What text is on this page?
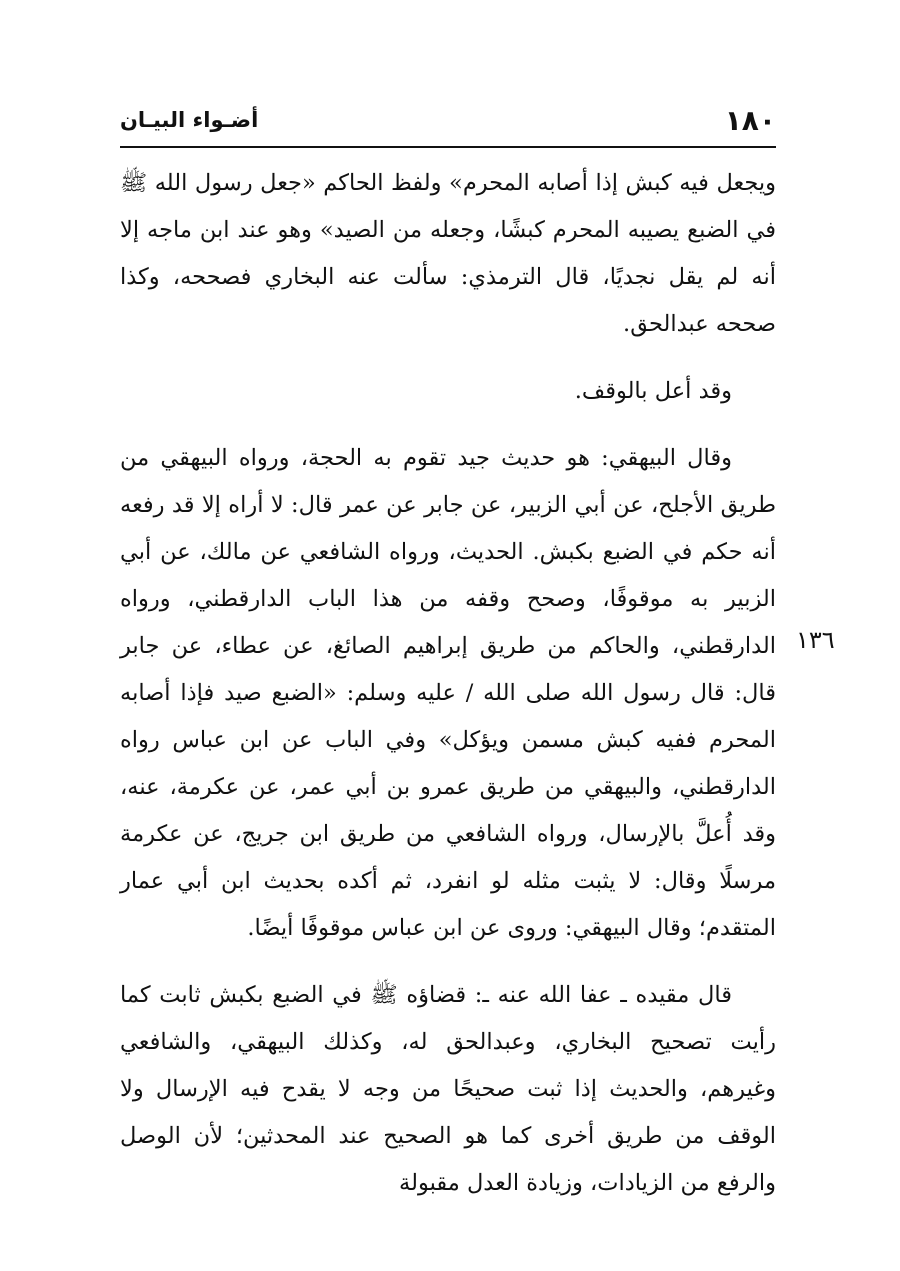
١٨٠
أضـواء البيـان

ويجعل فيه كبش إذا أصابه المحرم» ولفظ الحاكم «جعل رسول الله ﷺ في الضبع يصيبه المحرم كبشًا، وجعله من الصيد» وهو عند ابن ماجه إلا أنه لم يقل نجديًا، قال الترمذي: سألت عنه البخاري فصححه، وكذا صححه عبدالحق.

وقد أعل بالوقف.

وقال البيهقي: هو حديث جيد تقوم به الحجة، ورواه البيهقي من طريق الأجلح، عن أبي الزبير، عن جابر عن عمر قال: لا أراه إلا قد رفعه أنه حكم في الضبع بكبش. الحديث، ورواه الشافعي عن مالك، عن أبي الزبير به موقوفًا، وصحح وقفه من هذا الباب الدارقطني، ورواه الدارقطني، والحاكم من طريق إبراهيم الصائغ، عن عطاء، عن جابر قال: قال رسول الله صلى الله / عليه وسلم: «الضبع صيد فإذا أصابه المحرم ففيه كبش مسمن ويؤكل» وفي الباب عن ابن عباس رواه الدارقطني، والبيهقي من طريق عمرو بن أبي عمر، عن عكرمة، عنه، وقد أُعلَّ بالإرسال، ورواه الشافعي من طريق ابن جريج، عن عكرمة مرسلًا وقال: لا يثبت مثله لو انفرد، ثم أكده بحديث ابن أبي عمار المتقدم؛ وقال البيهقي: وروى عن ابن عباس موقوفًا أيضًا.

قال مقيده ـ عفا الله عنه ـ: قضاؤه ﷺ في الضبع بكبش ثابت كما رأيت تصحيح البخاري، وعبدالحق له، وكذلك البيهقي، والشافعي وغيرهم، والحديث إذا ثبت صحيحًا من وجه لا يقدح فيه الإرسال ولا الوقف من طريق أخرى كما هو الصحيح عند المحدثين؛ لأن الوصل والرفع من الزيادات، وزيادة العدل مقبولة

١٣٦
